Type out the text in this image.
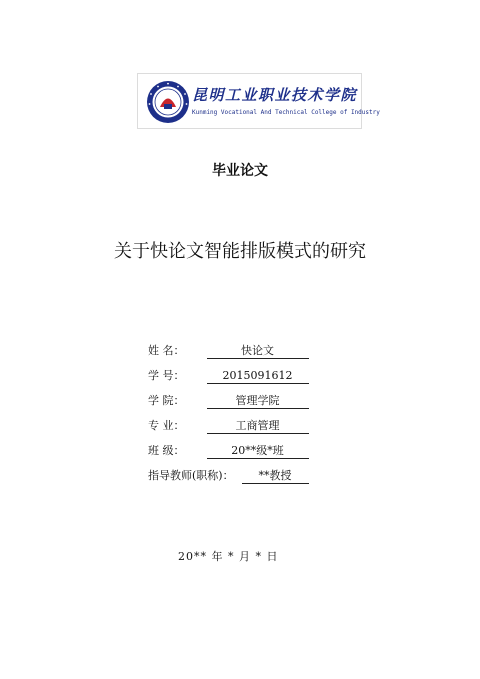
昆明工业职业技术学院
Kunming Vocational And Technical College of Industry
毕业论文
关于快论文智能排版模式的研究
姓 名：	快论文
学 号：	2015091612
学 院：	管理学院
专 业：	工商管理
班 级：	20**级*班
指导教师(职称)： **教授
20** 年 * 月 * 日
